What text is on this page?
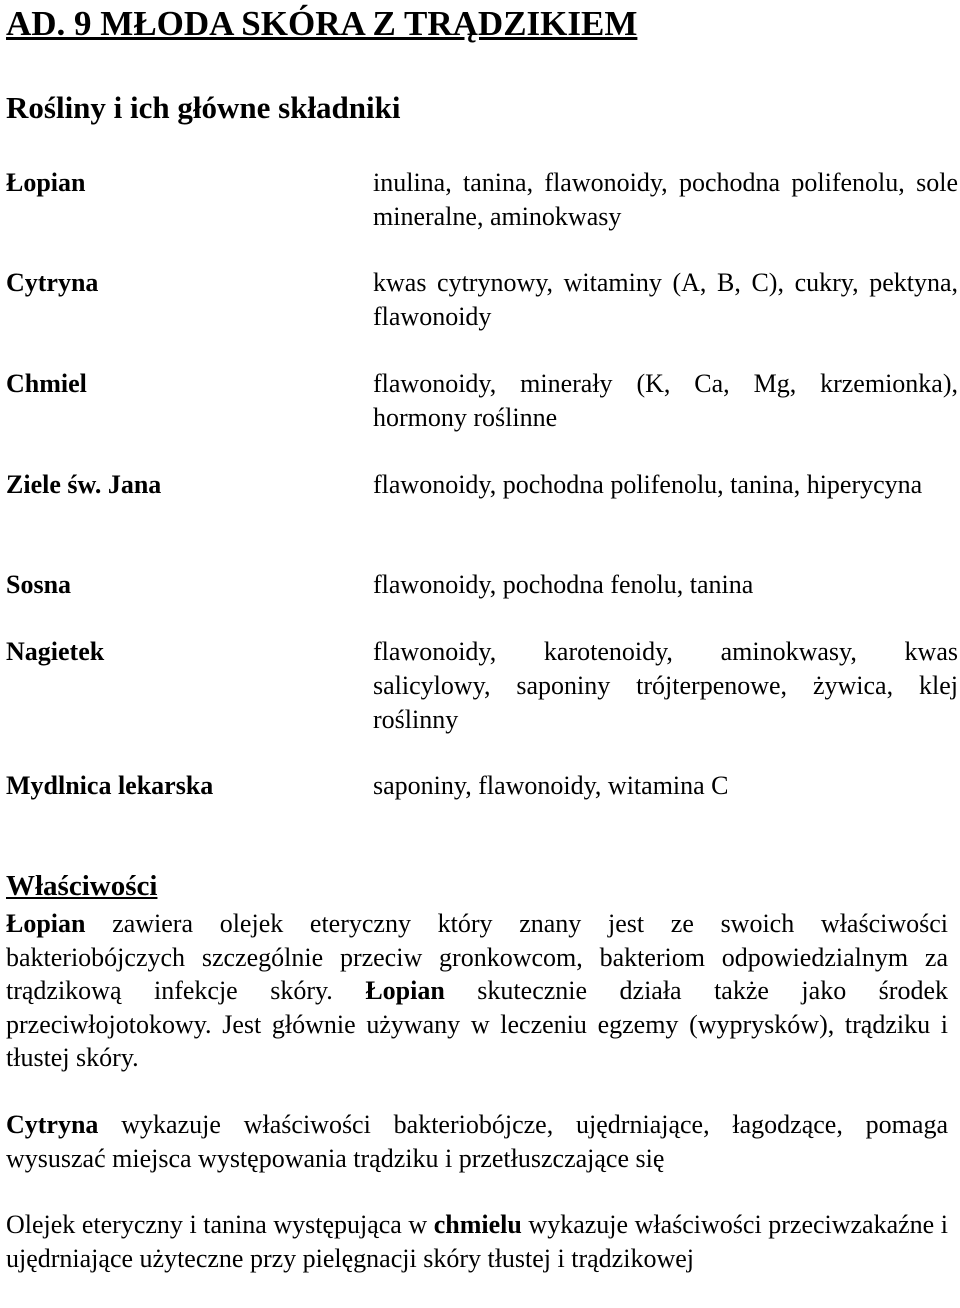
AD. 9 MŁODA SKÓRA Z TRĄDZIKIEM
Rośliny i ich główne składniki
Łopian	inulina, tanina, flawonoidy, pochodna polifenolu, sole mineralne, aminokwasy
Cytryna	kwas cytrynowy, witaminy (A, B, C), cukry, pektyna, flawonoidy
Chmiel	flawonoidy, minerały (K, Ca, Mg, krzemionka), hormony roślinne
Ziele św. Jana	flawonoidy, pochodna polifenolu, tanina, hiperycyna
Sosna	flawonoidy, pochodna fenolu, tanina
Nagietek	flawonoidy, karotenoidy, aminokwasy, kwas salicylowy, saponiny trójterpenowe, żywica, klej roślinny
Mydlnica lekarska	saponiny, flawonoidy, witamina C
Właściwości
Łopian zawiera olejek eteryczny który znany jest ze swoich właściwości bakteriobójczych szczególnie przeciw gronkowcom, bakteriom odpowiedzialnym za trądzikową infekcje skóry. Łopian skutecznie działa także jako środek przeciwłojotokowy. Jest głównie używany w leczeniu egzemy (wyprysków), trądziku i tłustej skóry.
Cytryna wykazuje właściwości bakteriobójcze, ujędrniające, łagodzące, pomaga wysuszać miejsca występowania trądziku i przetłuszczające się
Olejek eteryczny i tanina występująca w chmielu wykazuje właściwości przeciwzakaźne i ujędrniające użyteczne przy pielęgnacji skóry tłustej i trądzikowej
